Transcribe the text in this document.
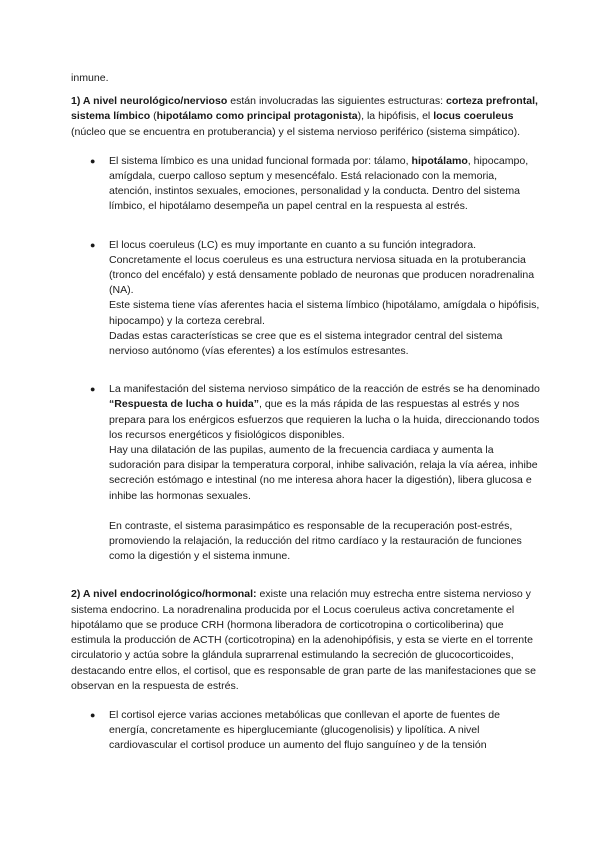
inmune.

1) A nivel neurológico/nervioso están involucradas las siguientes estructuras: corteza prefrontal, sistema límbico (hipotálamo como principal protagonista), la hipófisis, el locus coeruleus (núcleo que se encuentra en protuberancia) y el sistema nervioso periférico (sistema simpático).

● El sistema límbico es una unidad funcional formada por: tálamo, hipotálamo, hipocampo, amígdala, cuerpo calloso septum y mesencéfalo. Está relacionado con la memoria, atención, instintos sexuales, emociones, personalidad y la conducta. Dentro del sistema límbico, el hipotálamo desempeña un papel central en la respuesta al estrés.
● El locus coeruleus (LC) es muy importante en cuanto a su función integradora. Concretamente el locus coeruleus es una estructura nerviosa situada en la protuberancia (tronco del encéfalo) y está densamente poblado de neuronas que producen noradrenalina (NA).

Este sistema tiene vías aferentes hacia el sistema límbico (hipotálamo, amígdala o hipófisis, hipocampo) y la corteza cerebral.

Dadas estas características se cree que es el sistema integrador central del sistema nervioso autónomo (vías eferentes) a los estímulos estresantes.

● La manifestación del sistema nervioso simpático de la reacción de estrés se ha denominado “Respuesta de lucha o huida”, que es la más rápida de las respuestas al estrés y nos prepara para los enérgicos esfuerzos que requieren la lucha o la huida, direccionando todos los recursos energéticos y fisiológicos disponibles.

Hay una dilatación de las pupilas, aumento de la frecuencia cardiaca y aumenta la sudoración para disipar la temperatura corporal, inhibe salivación, relaja la vía aérea, inhibe secreción estómago e intestinal (no me interesa ahora hacer la digestión), libera glucosa e inhibe las hormonas sexuales.

En contraste, el sistema parasimpático es responsable de la recuperación post-estrés, promoviendo la relajación, la reducción del ritmo cardíaco y la restauración de funciones como la digestión y el sistema inmune.

2) A nivel endocrinológico/hormonal: existe una relación muy estrecha entre sistema nervioso y sistema endocrino. La noradrenalina producida por el Locus coeruleus activa concretamente el hipotálamo que se produce CRH (hormona liberadora de corticotropina o corticoliberina) que estimula la producción de ACTH (corticotropina) en la adenohipófisis, y esta se vierte en el torrente circulatorio y actúa sobre la glándula suprarrenal estimulando la secreción de glucocorticoides, destacando entre ellos, el cortisol, que es responsable de gran parte de las manifestaciones que se observan en la respuesta de estrés.

● El cortisol ejerce varias acciones metabólicas que conllevan el aporte de fuentes de energía, concretamente es hiperglucemiante (glucogenolisis) y lipolítica. A nivel cardiovascular el cortisol produce un aumento del flujo sanguíneo y de la tensión
